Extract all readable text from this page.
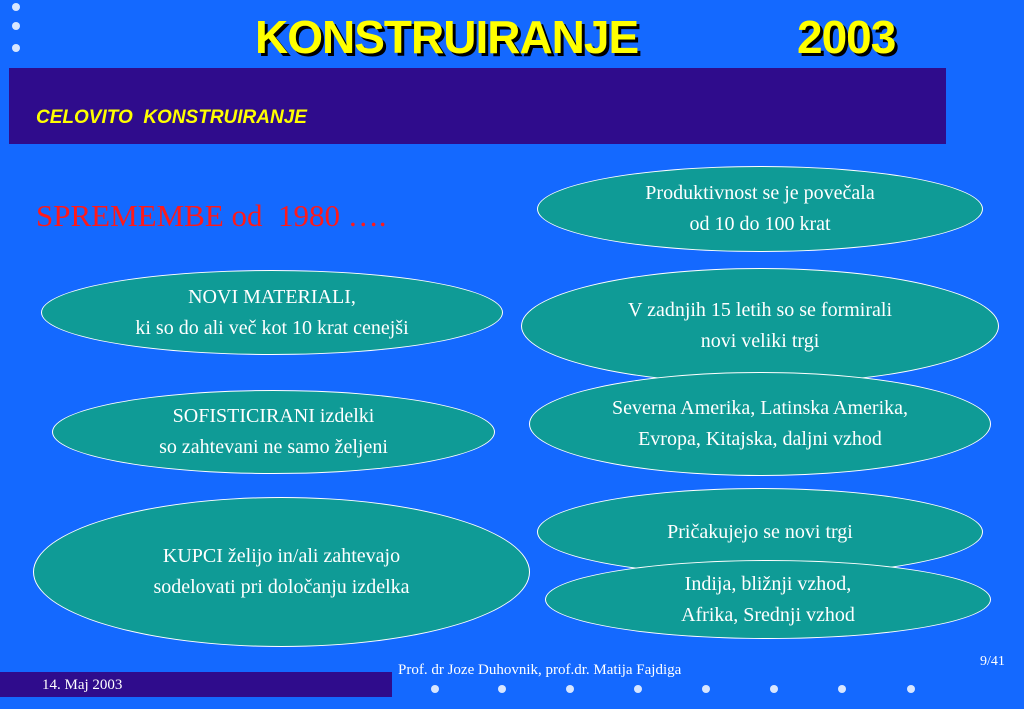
KONSTRUIRANJE	2003
CELOVITO  KONSTRUIRANJE
SPREMEMBE od  1980 ….
NOVI MATERIALI,
ki so do ali več kot 10 krat cenejši
SOFISTICIRANI izdelki
so zahtevani ne samo željeni
KUPCI želijo in/ali zahtevajo
sodelovati pri določanju izdelka
Produktivnost se je povečala
od 10 do 100 krat
V zadnjih 15 letih so se formirali
novi veliki trgi
Severna Amerika, Latinska Amerika,
Evropa, Kitajska, daljni vzhod
Pričakujejo se novi trgi
Indija, bližnji vzhod,
Afrika, Srednji vzhod
14. Maj 2003
Prof. dr Joze Duhovnik, prof.dr. Matija Fajdiga
9/41
